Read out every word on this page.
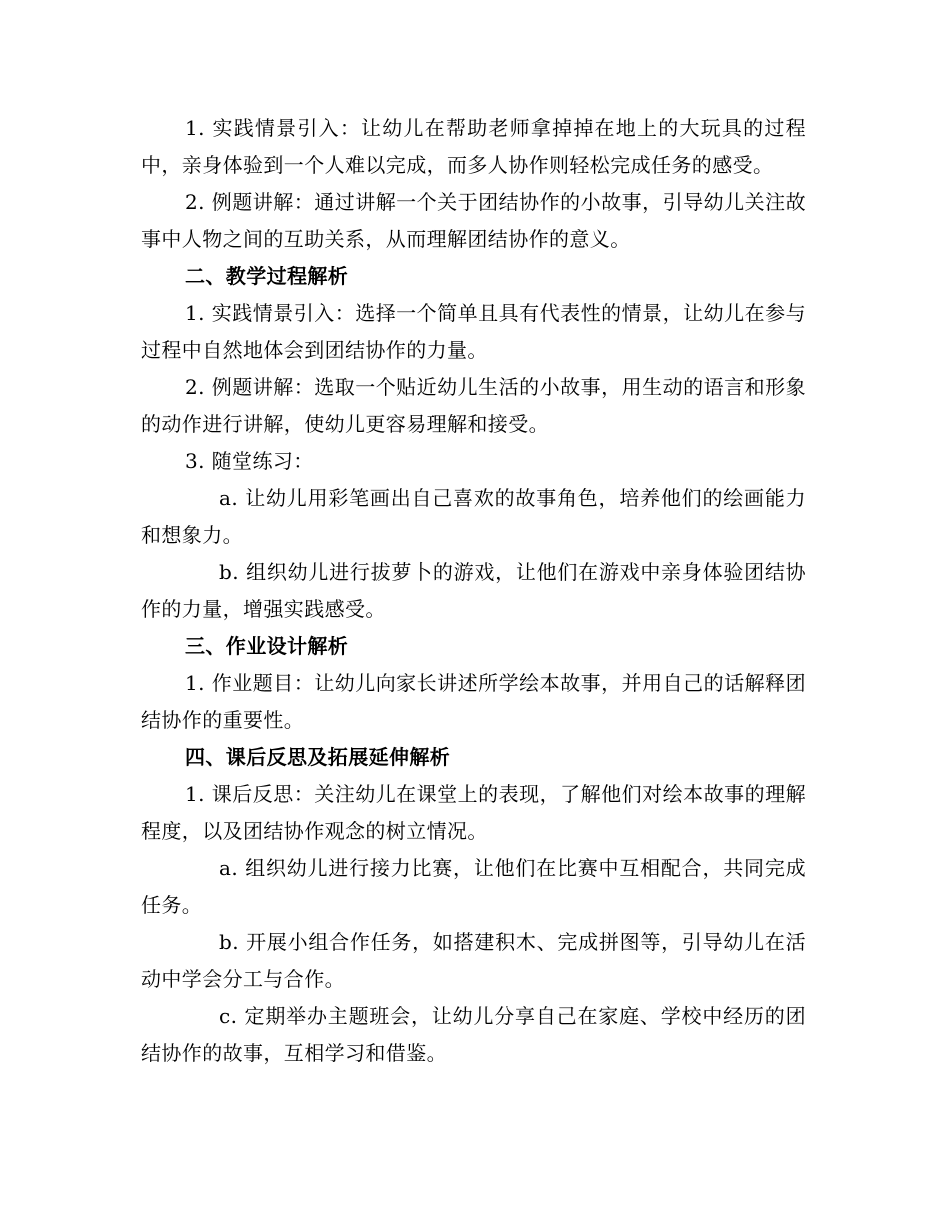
1. 实践情景引入：让幼儿在帮助老师拿掉掉在地上的大玩具的过程中，亲身体验到一个人难以完成，而多人协作则轻松完成任务的感受。

2. 例题讲解：通过讲解一个关于团结协作的小故事，引导幼儿关注故事中人物之间的互助关系，从而理解团结协作的意义。

二、教学过程解析

1. 实践情景引入：选择一个简单且具有代表性的情景，让幼儿在参与过程中自然地体会到团结协作的力量。

2. 例题讲解：选取一个贴近幼儿生活的小故事，用生动的语言和形象的动作进行讲解，使幼儿更容易理解和接受。

3. 随堂练习：

a. 让幼儿用彩笔画出自己喜欢的故事角色，培养他们的绘画能力和想象力。

b. 组织幼儿进行拔萝卜的游戏，让他们在游戏中亲身体验团结协作的力量，增强实践感受。

三、作业设计解析

1. 作业题目：让幼儿向家长讲述所学绘本故事，并用自己的话解释团结协作的重要性。

四、课后反思及拓展延伸解析

1. 课后反思：关注幼儿在课堂上的表现，了解他们对绘本故事的理解程度，以及团结协作观念的树立情况。

a. 组织幼儿进行接力比赛，让他们在比赛中互相配合，共同完成任务。

b. 开展小组合作任务，如搭建积木、完成拼图等，引导幼儿在活动中学会分工与合作。

c. 定期举办主题班会，让幼儿分享自己在家庭、学校中经历的团结协作的故事，互相学习和借鉴。
